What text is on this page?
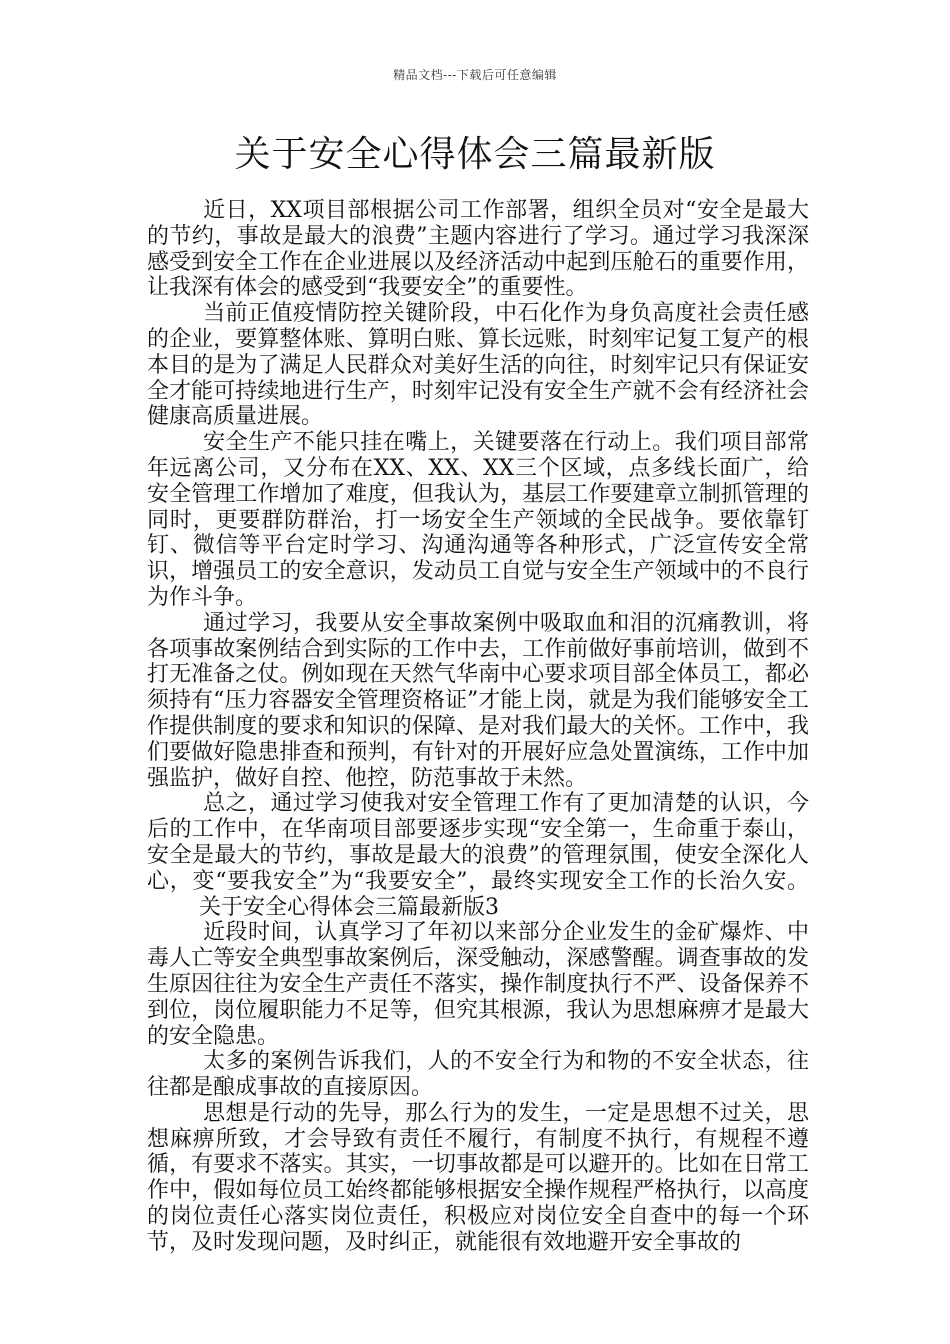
精品文档---下载后可任意编辑
关于安全心得体会三篇最新版

近日，XX项目部根据公司工作部署，组织全员对“安全是最大的节约，事故是最大的浪费”主题内容进行了学习。通过学习我深深感受到安全工作在企业进展以及经济活动中起到压舱石的重要作用，让我深有体会的感受到“我要安全”的重要性。

当前正值疫情防控关键阶段，中石化作为身负高度社会责任感的企业，要算整体账、算明白账、算长远账，时刻牢记复工复产的根本目的是为了满足人民群众对美好生活的向往，时刻牢记只有保证安全才能可持续地进行生产，时刻牢记没有安全生产就不会有经济社会健康高质量进展。

安全生产不能只挂在嘴上，关键要落在行动上。我们项目部常年远离公司，又分布在XX、XX、XX三个区域，点多线长面广，给安全管理工作增加了难度，但我认为，基层工作要建章立制抓管理的同时，更要群防群治，打一场安全生产领域的全民战争。要依靠钉钉、微信等平台定时学习、沟通沟通等各种形式，广泛宣传安全常识，增强员工的安全意识，发动员工自觉与安全生产领域中的不良行为作斗争。

通过学习，我要从安全事故案例中吸取血和泪的沉痛教训，将各项事故案例结合到实际的工作中去，工作前做好事前培训，做到不打无准备之仗。例如现在天然气华南中心要求项目部全体员工，都必须持有“压力容器安全管理资格证”才能上岗，就是为我们能够安全工作提供制度的要求和知识的保障、是对我们最大的关怀。工作中，我们要做好隐患排查和预判，有针对的开展好应急处置演练，工作中加强监护，做好自控、他控，防范事故于未然。

总之，通过学习使我对安全管理工作有了更加清楚的认识，今后的工作中，在华南项目部要逐步实现“安全第一，生命重于泰山，安全是最大的节约，事故是最大的浪费”的管理氛围，使安全深化人心，变“要我安全”为“我要安全”，最终实现安全工作的长治久安。关于安全心得体会三篇最新版3

近段时间，认真学习了年初以来部分企业发生的金矿爆炸、中毒人亡等安全典型事故案例后，深受触动，深感警醒。调查事故的发生原因往往为安全生产责任不落实，操作制度执行不严、设备保养不到位，岗位履职能力不足等，但究其根源，我认为思想麻痹才是最大的安全隐患。

太多的案例告诉我们，人的不安全行为和物的不安全状态，往往都是酿成事故的直接原因。

思想是行动的先导，那么行为的发生，一定是思想不过关，思想麻痹所致，才会导致有责任不履行，有制度不执行，有规程不遵循，有要求不落实。其实，一切事故都是可以避开的。比如在日常工作中，假如每位员工始终都能够根据安全操作规程严格执行，以高度的岗位责任心落实岗位责任，积极应对岗位安全自查中的每一个环节，及时发现问题，及时纠正，就能很有效地避开安全事故的
